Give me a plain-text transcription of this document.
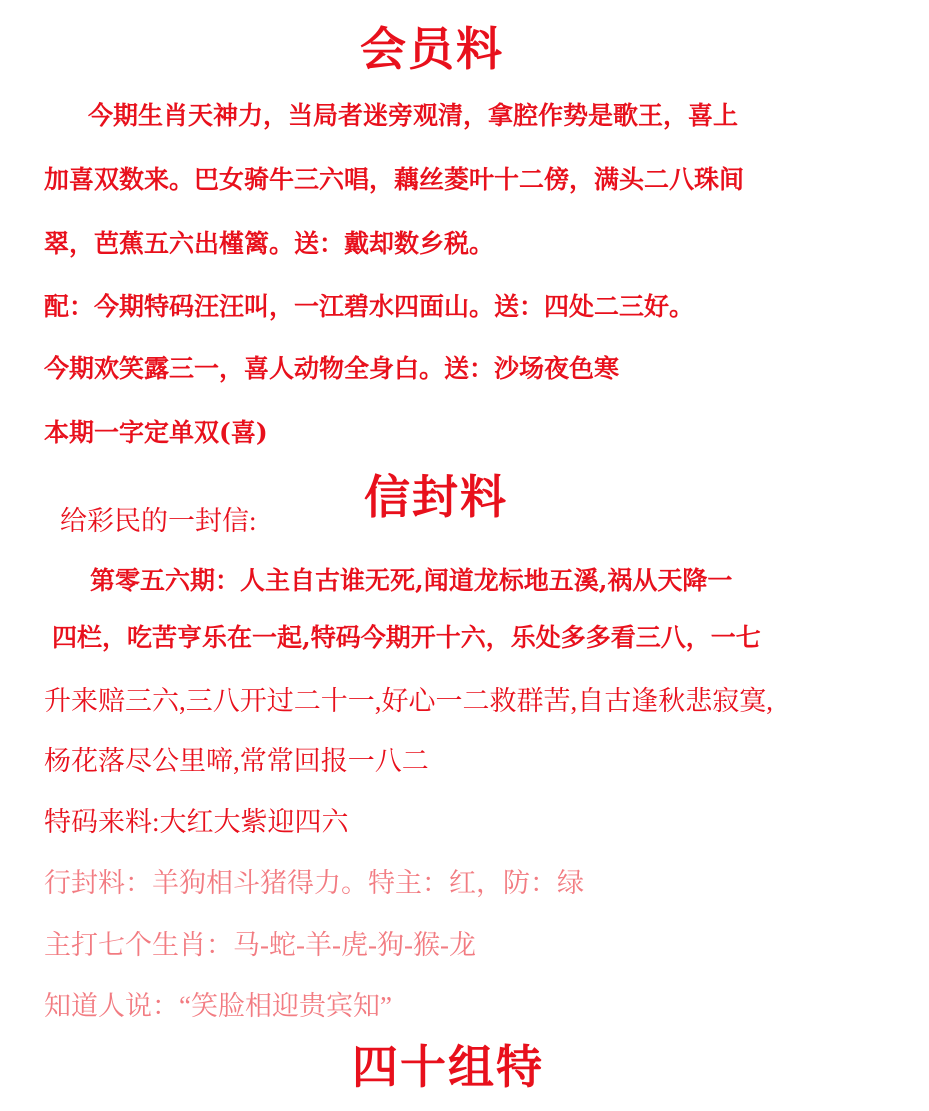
会员料
今期生肖天神力，当局者迷旁观清，拿腔作势是歌王，喜上
加喜双数来。巴女骑牛三六唱，藕丝菱叶十二傍，满头二八珠间
翠，芭蕉五六出槿篱。送：戴却数乡税。
配：今期特码汪汪叫，一江碧水四面山。送：四处二三好。
今期欢笑露三一，喜人动物全身白。送：沙场夜色寒
本期一字定单双(喜)
信封料
给彩民的一封信:
第零五六期：人主自古谁无死,闻道龙标地五溪,祸从天降一
四栏，吃苦亨乐在一起,特码今期开十六，乐处多多看三八，一七
升来赔三六,三八开过二十一,好心一二救群苦,自古逢秋悲寂寞,
杨花落尽公里啼,常常回报一八二
特码来料:大红大紫迎四六
行封料：羊狗相斗猪得力。特主：红，防：绿
主打七个生肖：马-蛇-羊-虎-狗-猴-龙
知道人说：“笑脸相迎贵宾知”
四十组特
